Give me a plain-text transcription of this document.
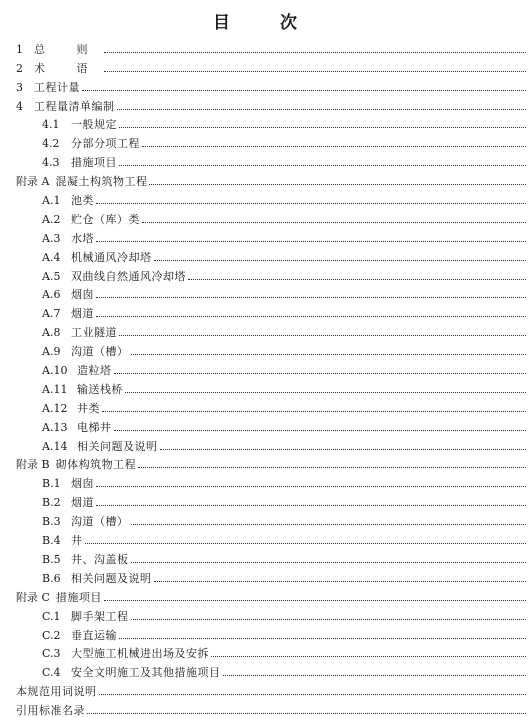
目 次
1	总 则
2	术 语
3	工程计量
4	工程量清单编制
4.1	一般规定
4.2	分部分项工程
4.3	措施项目
附录 A 混凝土构筑物工程
A.1 池类
A.2 贮仓（库）类
A.3 水塔
A.4 机械通风冷却塔
A.5 双曲线自然通风冷却塔
A.6 烟囱
A.7 烟道
A.8 工业隧道
A.9 沟道（槽）
A.10 造粒塔
A.11 输送栈桥
A.12 井类
A.13 电梯井
A.14 相关问题及说明
附录 B 砌体构筑物工程
B.1 烟囱
B.2 烟道
B.3 沟道（槽）
B.4 井
B.5 井、沟盖板
B.6 相关问题及说明
附录 C 措施项目
C.1 脚手架工程
C.2 垂直运输
C.3 大型施工机械进出场及安拆
C.4 安全文明施工及其他措施项目
本规范用词说明
引用标准名录
